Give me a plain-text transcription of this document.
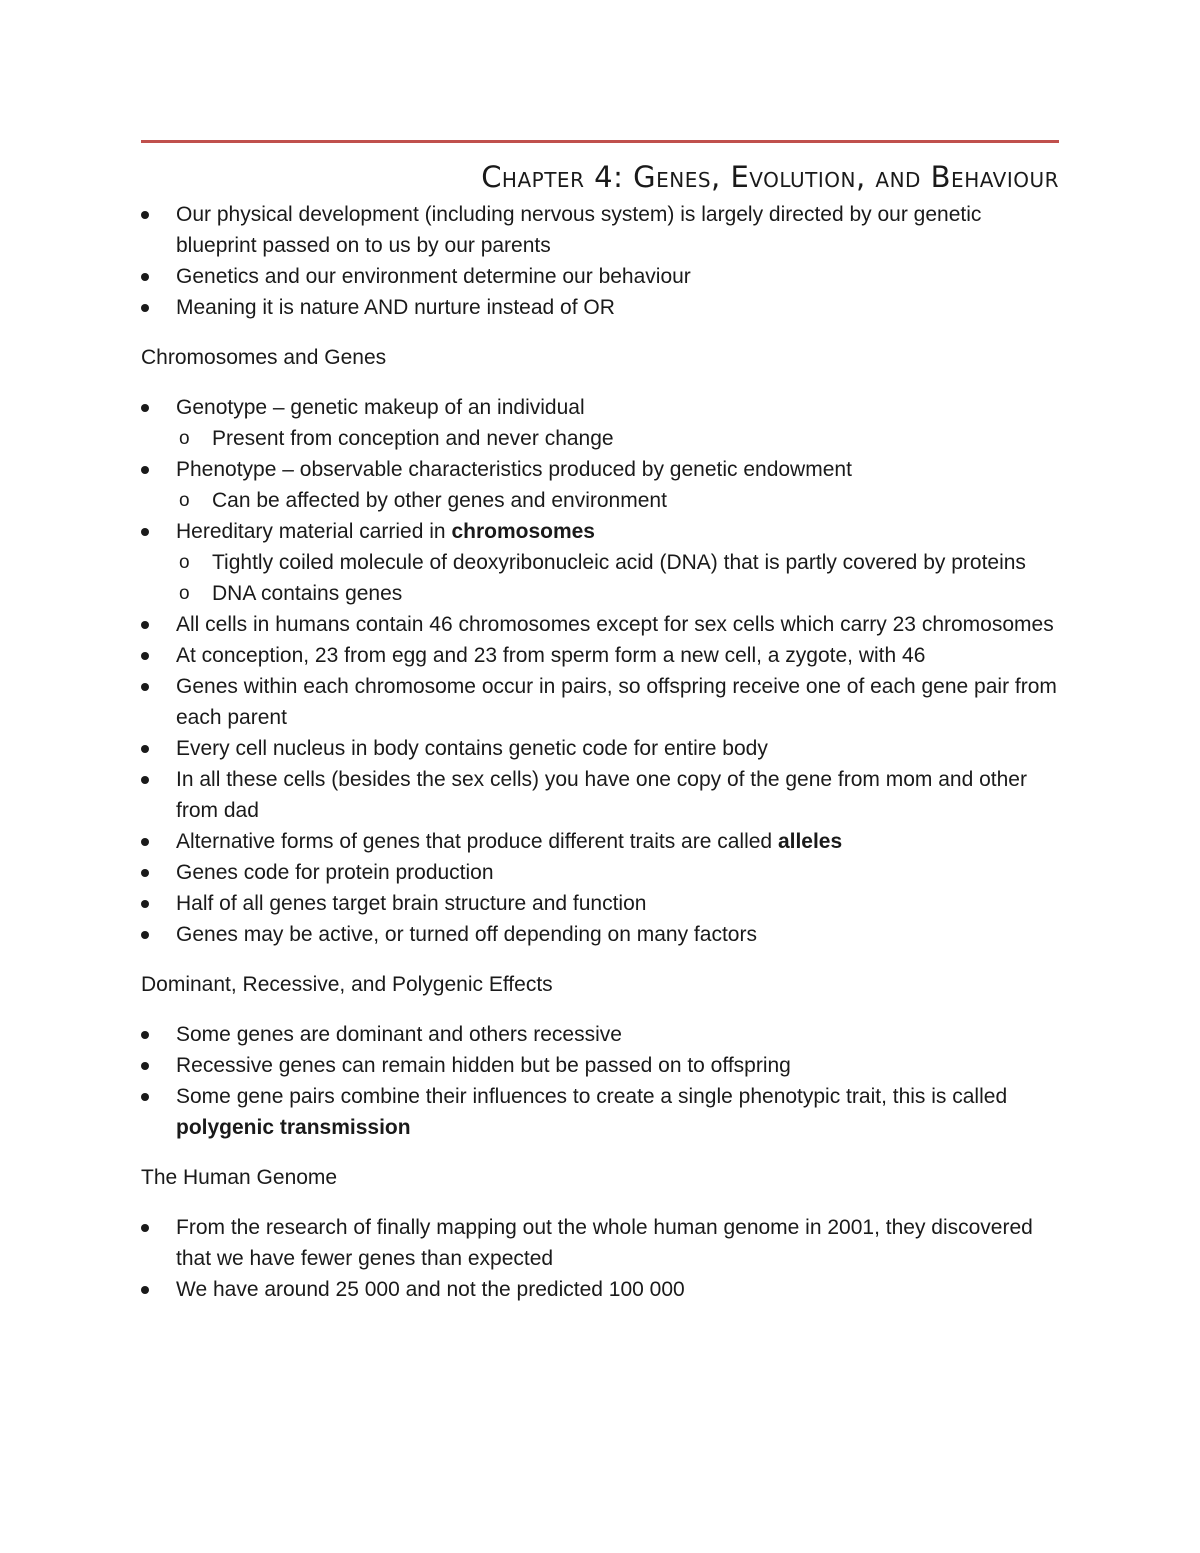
Chapter 4: Genes, Evolution, and Behaviour
Our physical development (including nervous system) is largely directed by our genetic blueprint passed on to us by our parents
Genetics and our environment determine our behaviour
Meaning it is nature AND nurture instead of OR

Chromosomes and Genes

Genotype – genetic makeup of an individual
o Present from conception and never change
Phenotype – observable characteristics produced by genetic endowment
o Can be affected by other genes and environment
Hereditary material carried in chromosomes
o Tightly coiled molecule of deoxyribonucleic acid (DNA) that is partly covered by proteins
o DNA contains genes
All cells in humans contain 46 chromosomes except for sex cells which carry 23 chromosomes
At conception, 23 from egg and 23 from sperm form a new cell, a zygote, with 46
Genes within each chromosome occur in pairs, so offspring receive one of each gene pair from each parent
Every cell nucleus in body contains genetic code for entire body
In all these cells (besides the sex cells) you have one copy of the gene from mom and other from dad
Alternative forms of genes that produce different traits are called alleles
Genes code for protein production
Half of all genes target brain structure and function
Genes may be active, or turned off depending on many factors

Dominant, Recessive, and Polygenic Effects

Some genes are dominant and others recessive
Recessive genes can remain hidden but be passed on to offspring
Some gene pairs combine their influences to create a single phenotypic trait, this is called polygenic transmission

The Human Genome

From the research of finally mapping out the whole human genome in 2001, they discovered that we have fewer genes than expected
We have around 25 000 and not the predicted 100 000
